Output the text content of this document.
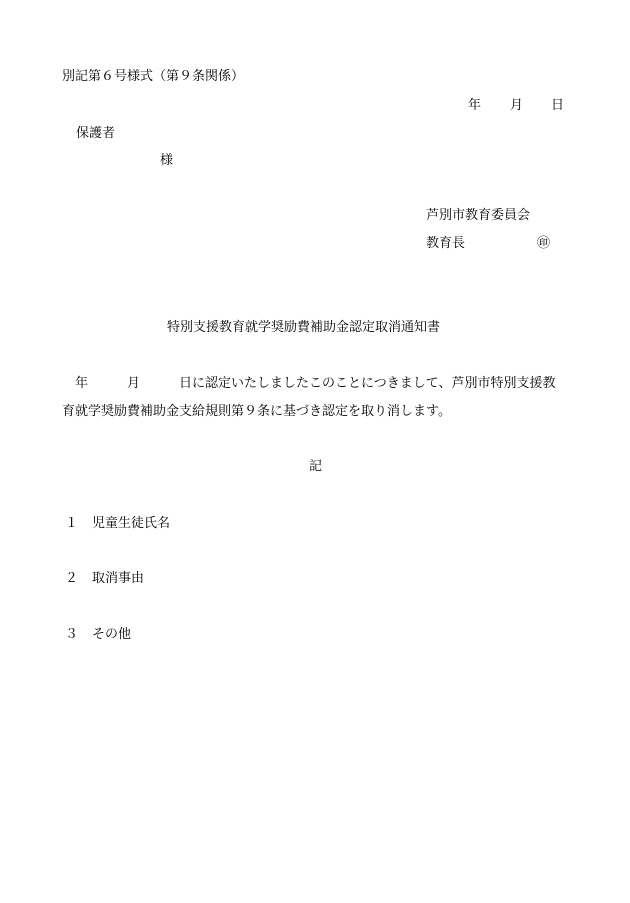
別記第６号様式（第９条関係）
年 月 日
保護者
様
芦別市教育委員会
教育長	㊞
特別支援教育就学奨励費補助金認定取消通知書
　年　　　月　　　日に認定いたしましたこのことにつきまして、芦別市特別支援教
育就学奨励費補助金支給規則第９条に基づき認定を取り消します。
記
１ 児童生徒氏名
２ 取消事由
３ その他
